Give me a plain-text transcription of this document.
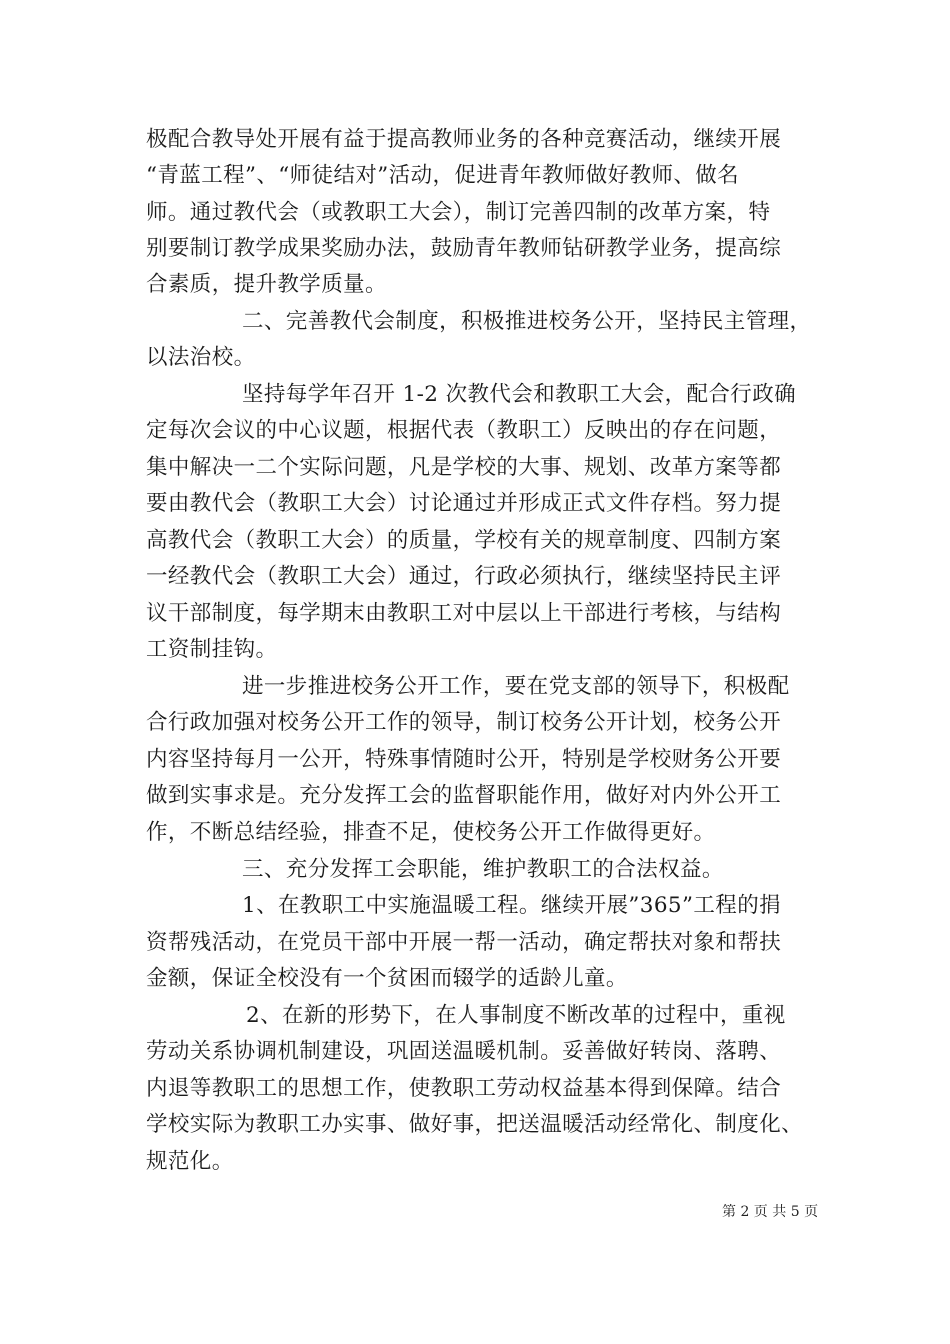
极配合教导处开展有益于提高教师业务的各种竞赛活动，继续开展
“青蓝工程”、“师徒结对”活动，促进青年教师做好教师、做名
师。通过教代会（或教职工大会），制订完善四制的改革方案，特
别要制订教学成果奖励办法，鼓励青年教师钻研教学业务，提高综
合素质，提升教学质量。
二、完善教代会制度，积极推进校务公开，坚持民主管理，
以法治校。
坚持每学年召开 1-2 次教代会和教职工大会，配合行政确
定每次会议的中心议题，根据代表（教职工）反映出的存在问题，
集中解决一二个实际问题，凡是学校的大事、规划、改革方案等都
要由教代会（教职工大会）讨论通过并形成正式文件存档。努力提
高教代会（教职工大会）的质量，学校有关的规章制度、四制方案
一经教代会（教职工大会）通过，行政必须执行，继续坚持民主评
议干部制度，每学期末由教职工对中层以上干部进行考核，与结构
工资制挂钩。
进一步推进校务公开工作，要在党支部的领导下，积极配
合行政加强对校务公开工作的领导，制订校务公开计划，校务公开
内容坚持每月一公开，特殊事情随时公开，特别是学校财务公开要
做到实事求是。充分发挥工会的监督职能作用，做好对内外公开工
作，不断总结经验，排查不足，使校务公开工作做得更好。
三、充分发挥工会职能，维护教职工的合法权益。
1、在教职工中实施温暖工程。继续开展”365”工程的捐
资帮残活动，在党员干部中开展一帮一活动，确定帮扶对象和帮扶
金额，保证全校没有一个贫困而辍学的适龄儿童。
2、在新的形势下，在人事制度不断改革的过程中，重视
劳动关系协调机制建设，巩固送温暖机制。妥善做好转岗、落聘、
内退等教职工的思想工作，使教职工劳动权益基本得到保障。结合
学校实际为教职工办实事、做好事，把送温暖活动经常化、制度化、
规范化。
第 2 页 共 5 页
